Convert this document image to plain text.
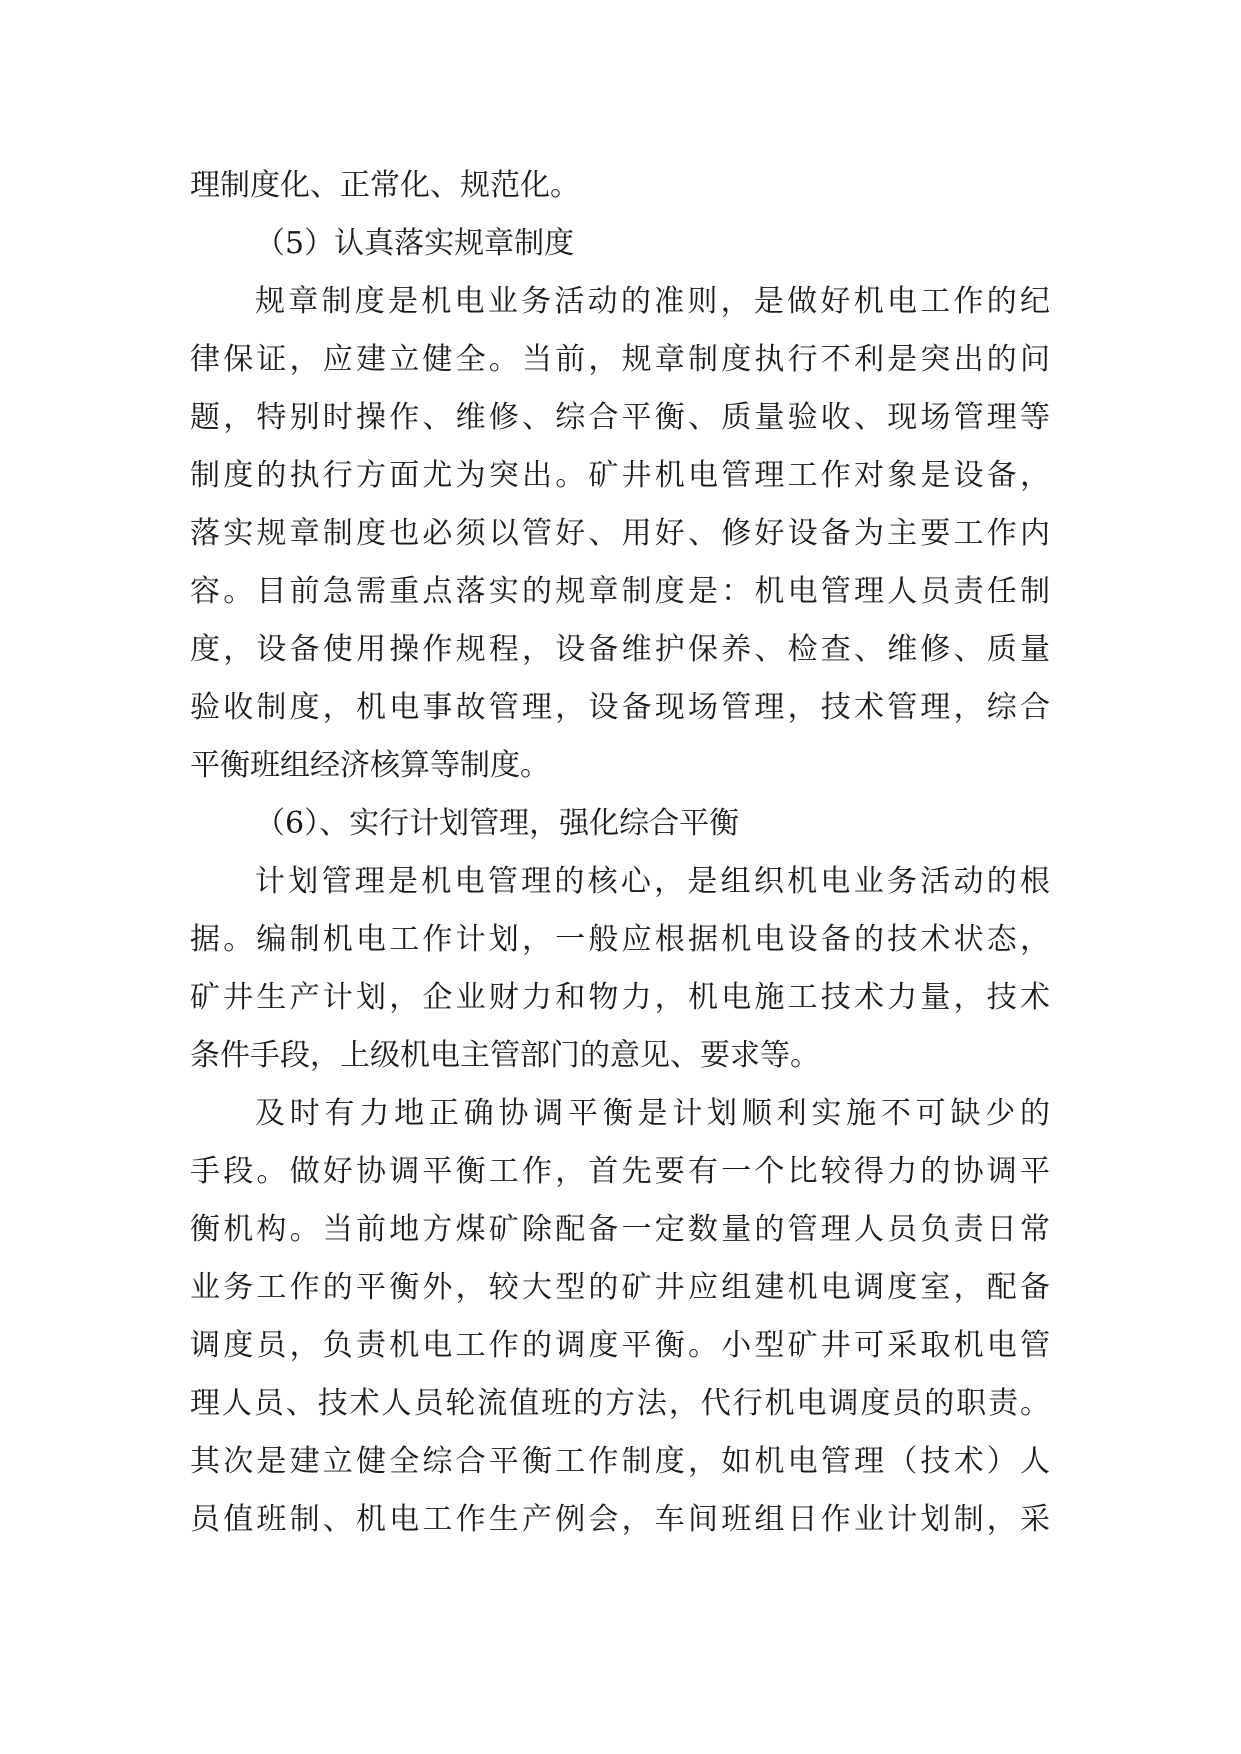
理制度化、正常化、规范化。
（5）认真落实规章制度
规章制度是机电业务活动的准则，是做好机电工作的纪
律保证，应建立健全。当前，规章制度执行不利是突出的问
题，特别时操作、维修、综合平衡、质量验收、现场管理等
制度的执行方面尤为突出。矿井机电管理工作对象是设备，
落实规章制度也必须以管好、用好、修好设备为主要工作内
容。目前急需重点落实的规章制度是：机电管理人员责任制
度，设备使用操作规程，设备维护保养、检查、维修、质量
验收制度，机电事故管理，设备现场管理，技术管理，综合
平衡班组经济核算等制度。
（6）、实行计划管理，强化综合平衡
计划管理是机电管理的核心，是组织机电业务活动的根
据。编制机电工作计划，一般应根据机电设备的技术状态，
矿井生产计划，企业财力和物力，机电施工技术力量，技术
条件手段，上级机电主管部门的意见、要求等。
及时有力地正确协调平衡是计划顺利实施不可缺少的
手段。做好协调平衡工作，首先要有一个比较得力的协调平
衡机构。当前地方煤矿除配备一定数量的管理人员负责日常
业务工作的平衡外，较大型的矿井应组建机电调度室，配备
调度员，负责机电工作的调度平衡。小型矿井可采取机电管
理人员、技术人员轮流值班的方法，代行机电调度员的职责。
其次是建立健全综合平衡工作制度，如机电管理（技术）人
员值班制、机电工作生产例会，车间班组日作业计划制，采
